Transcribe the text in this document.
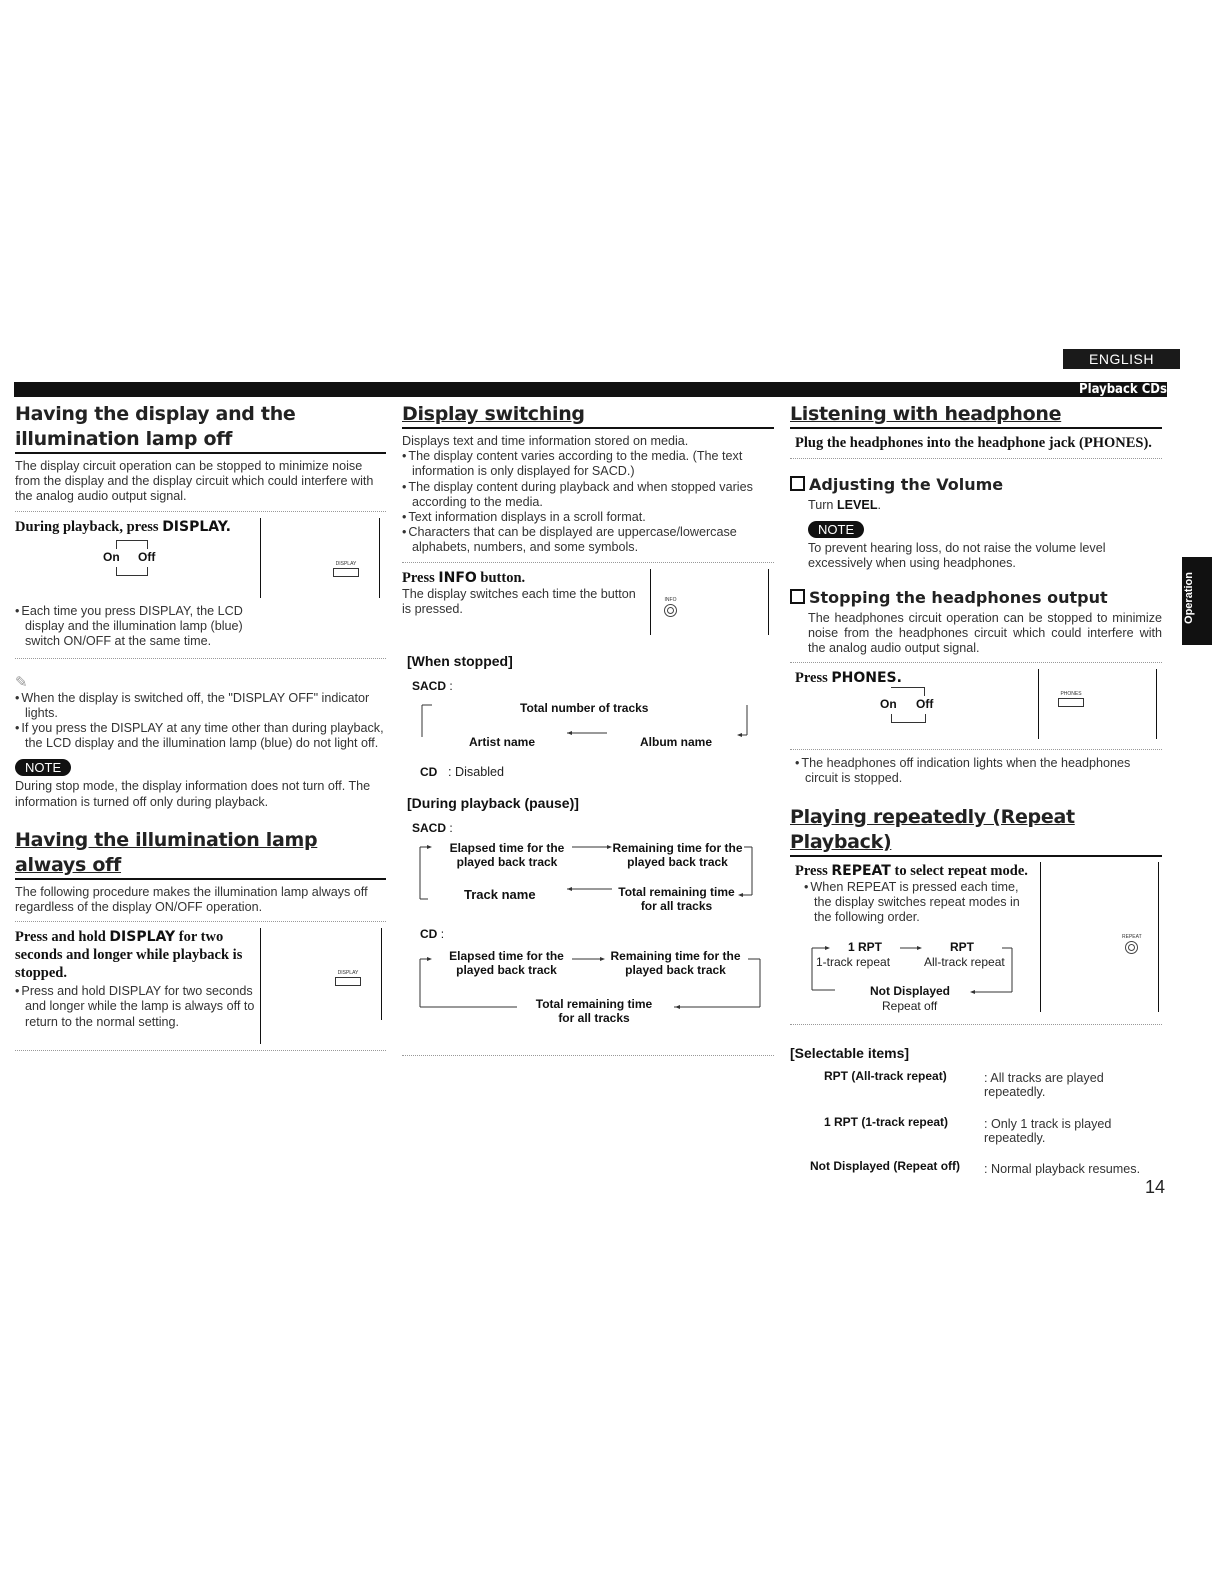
ENGLISH
Playback CDs
Operation
Having the display and the illumination lamp off

The display circuit operation can be stopped to minimize noise from the display and the display circuit which could interfere with the analog audio output signal.

During playback, press DISPLAY.
On Off	DISPLAY
• Each time you press DISPLAY, the LCD display and the illumination lamp (blue) switch ON/OFF at the same time.
✎
• When the display is switched off, the "DISPLAY OFF" indicator lights.
• If you press the DISPLAY at any time other than during playback, the LCD display and the illumination lamp (blue) do not light off.
NOTE

During stop mode, the display information does not turn off. The information is turned off only during playback.

Having the illumination lamp always off

The following procedure makes the illumination lamp always off regardless of the display ON/OFF operation.

Press and hold DISPLAY for two seconds and longer while playback is stopped.	DISPLAY
• Press and hold DISPLAY for two seconds and longer while the lamp is always off to return to the normal setting.
Display switching

Displays text and time information stored on media.

• The display content varies according to the media. (The text information is only displayed for SACD.)
• The display content during playback and when stopped varies according to the media.
• Text information displays in a scroll format.
• Characters that can be displayed are uppercase/lowercase alphabets, numbers, and some symbols.
Press INFO button.

The display switches each time the button is pressed.

INFO
[When stopped]
SACD :
Total number of tracks
Artist name	Album name
CD : Disabled
[During playback (pause)]
SACD :
Elapsed time for the played back track
Remaining time for the played back track
Track name	Total remaining time for all tracks
CD :
Elapsed time for the played back track
Remaining time for the played back track
Total remaining time for all tracks
Listening with headphone
Plug the headphones into the headphone jack (PHONES).
Adjusting the Volume

Turn LEVEL.

NOTE

To prevent hearing loss, do not raise the volume level excessively when using headphones.

Stopping the headphones output

The headphones circuit operation can be stopped to minimize noise from the headphones circuit which could interfere with the analog audio output signal.

Press PHONES.
On Off
PHONES
• The headphones off indication lights when the headphones circuit is stopped.
Playing repeatedly (Repeat Playback)
Press REPEAT to select repeat mode.
• When REPEAT is pressed each time, the display switches repeat modes in the following order.
1 RPT
1-track repeat
RPT
All-track repeat
Not Displayed
Repeat off
REPEAT
[Selectable items]
RPT (All-track repeat)	: All tracks are played repeatedly.
1 RPT (1-track repeat)	: Only 1 track is played repeatedly.
Not Displayed (Repeat off) : Normal playback resumes.
14
